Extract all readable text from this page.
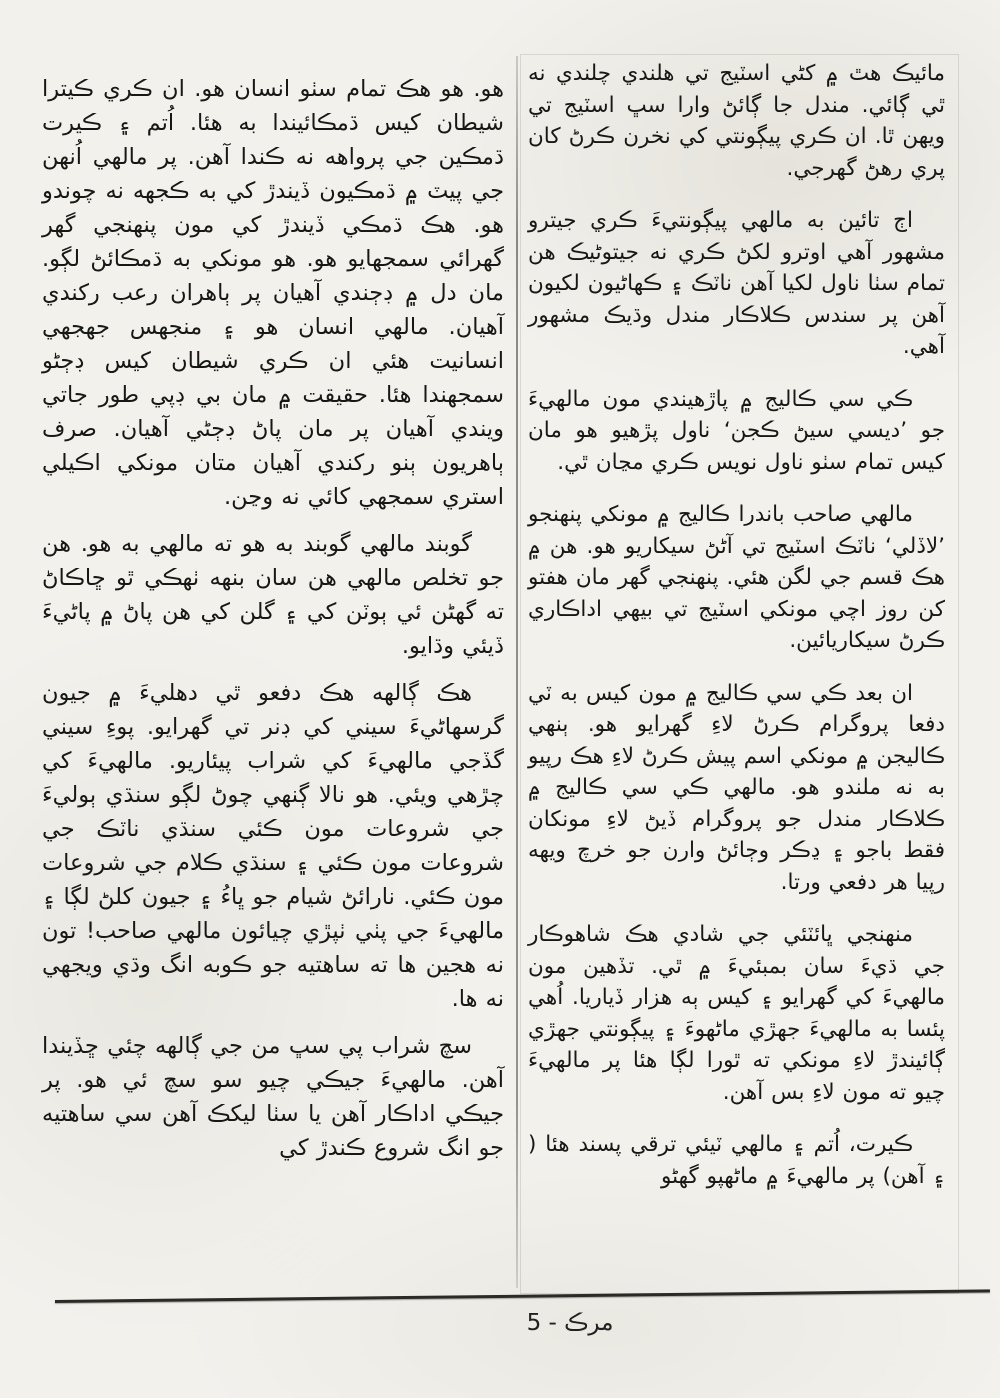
هو. هو هڪ تمام سٺو انسان هو. ان ڪري ڪيترا شيطان کيس ڌمڪائيندا به هئا. اُتم ۽ ڪيرت ڌمڪين جي پرواهه نه ڪندا آهن. پر مالهي اُنهن جي پيٽ ۾ ڌمڪيون ڏيندڙ کي به ڪجهه نه چوندو هو. هڪ ڌمڪي ڏيندڙ کي مون پنهنجي گهر گهرائي سمجهايو هو. هو مونکي به ڌمڪائڻ لڳو. مان دل ۾ ڊڄندي آهيان پر ٻاهران رعب رکندي آهيان. مالهي انسان هو ۽ منجهس جهجهي انسانيت هئي ان ڪري شيطان کيس ڊڄڻو سمجهندا هئا. حقيقت ۾ مان بي ڊپي طور جاتي ويندي آهيان پر مان پاڻ ڊڄڻي آهيان. صرف ٻاهريون ٻنو رکندي آهيان متان مونکي اڪيلي استري سمجهي کائي نه وڃن.

گوبند مالهي گوبند به هو ته مالهي به هو. هن جو تخلص مالهي هن سان بنهه ٺهڪي ٿو ڇاڪاڻ ته گهڻن ئي ٻوٽن کي ۽ گلن کي هن پاڻ ۾ پاڻيءَ ڏيئي وڌايو.

هڪ ڳالهه هڪ دفعو ٿي دهليءَ ۾ جيون گرسهاڻيءَ سيني کي ڊنر تي گهرايو. پوءِ سيني گڏجي مالهيءَ کي شراب پيئاريو. مالهيءَ کي چڙهي ويئي. هو نالا ڳنهي چوڻ لڳو سنڌي ٻوليءَ جي شروعات مون ڪئي سنڌي ناٽڪ جي شروعات مون ڪئي ۽ سنڌي ڪلام جي شروعات مون ڪئي. نارائڻ شيام جو ڀاءُ ۽ جيون کلڻ لڳا ۽ مالهيءَ جي پٺي ٺپڙي چيائون مالهي صاحب! تون نه هجين ها ته ساهتيه جو ڪوبه انگ وڌي ويجهي نه ها.

سچ شراب پي سڀ من جي ڳالهه چئي ڇڏيندا آهن. مالهيءَ جيڪي چيو سو سچ ئي هو. پر جيڪي اداڪار آهن يا سٺا ليکڪ آهن سي ساهتيه جو انگ شروع ڪندڙ کي

مائيڪ هٿ ۾ کڻي اسٽيج تي هلندي چلندي نه ٿي ڳائي. مندل جا ڳائڻ وارا سڀ اسٽيج تي ويهن ٿا. ان ڪري پيڳونتي کي نخرن ڪرڻ کان پري رهڻ گهرجي.

اڄ تائين به مالهي پيڳونتيءَ ڪري جيترو مشهور آهي اوترو لکڻ ڪري نه جيتوڻيڪ هن تمام سٺا ناول لکيا آهن ناٽڪ ۽ ڪهاڻيون لکيون آهن پر سندس ڪلاڪار مندل وڌيڪ مشهور آهي.

ڪي سي ڪاليج ۾ پاڙهيندي مون مالهيءَ جو ’ديسي سيڻ ڪجن‘ ناول پڙهيو هو مان کيس تمام سٺو ناول نويس ڪري مڃان ٿي.

مالهي صاحب باندرا ڪاليج ۾ مونکي پنهنجو ’لاڏلي‘ ناٽڪ اسٽيج تي آڻڻ سيکاريو هو. هن ۾ هڪ قسم جي لگن هئي. پنهنجي گهر مان هفتو کن روز اچي مونکي اسٽيج تي بيهي اداڪاري ڪرڻ سيکاريائين.

ان بعد ڪي سي ڪاليج ۾ مون کيس به ٽي دفعا پروگرام ڪرڻ لاءِ گهرايو هو. ٻنهي ڪاليجن ۾ مونکي اسم پيش ڪرڻ لاءِ هڪ رپيو به نه ملندو هو. مالهي ڪي سي ڪاليج ۾ ڪلاڪار مندل جو پروگرام ڏيڻ لاءِ مونکان فقط باجو ۽ ڍڪر وڄائڻ وارن جو خرچ ويهه رپيا هر دفعي ورتا.

منهنجي ڀائٽئي جي شادي هڪ شاهوڪار جي ڌيءَ سان بمبئيءَ ۾ ٿي. تڏهين مون مالهيءَ کي گهرايو ۽ کيس ٻه هزار ڏياريا. اُهي پئسا به مالهيءَ جهڙي ماڻهوءَ ۽ پيڳونتي جهڙي ڳائيندڙ لاءِ مونکي ته ٿورا لڳا هئا پر مالهيءَ چيو ته مون لاءِ بس آهن.

ڪيرت، اُتم ۽ مالهي ٽيئي ترقي پسند هئا ( ۽ آهن) پر مالهيءَ ۾ ماڻهپو گهڻو

مرڪ - 5
